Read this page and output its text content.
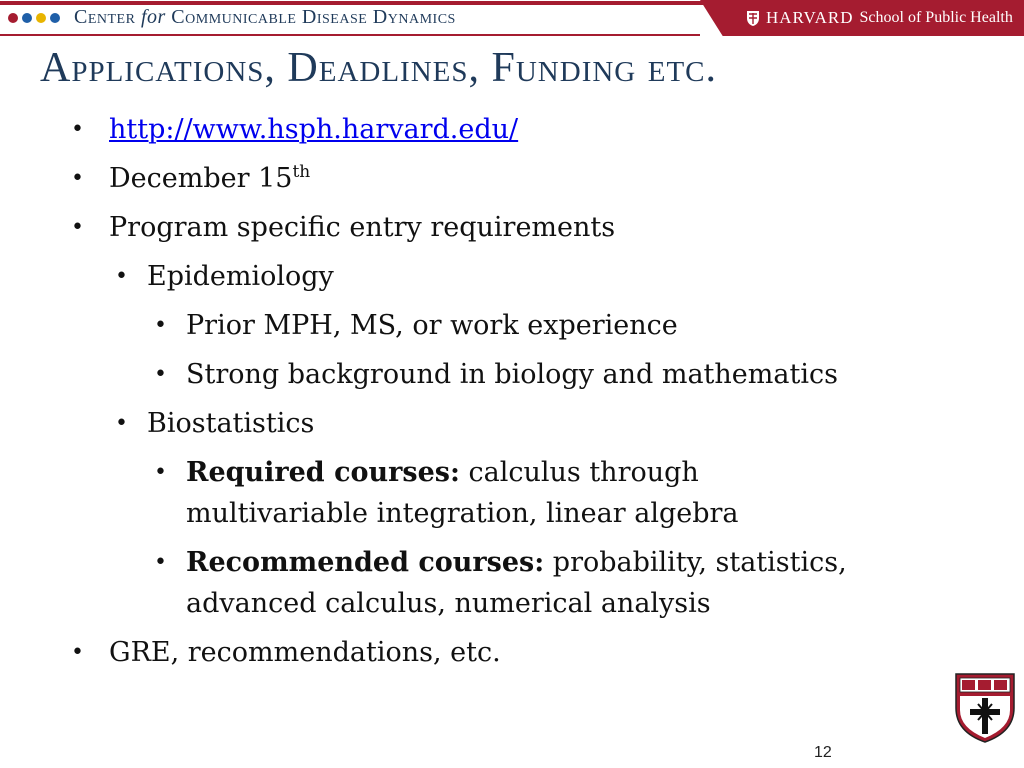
Center for Communicable Disease Dynamics	HARVARD School of Public Health
Applications, Deadlines, Funding etc.
• http://www.hsph.harvard.edu/
• December 15th
• Program specific entry requirements
• Epidemiology
• Prior MPH, MS, or work experience
• Strong background in biology and mathematics
• Biostatistics
• Required courses: calculus through
multivariable integration, linear algebra
• Recommended courses: probability, statistics,
advanced calculus, numerical analysis
• GRE, recommendations, etc.
12
